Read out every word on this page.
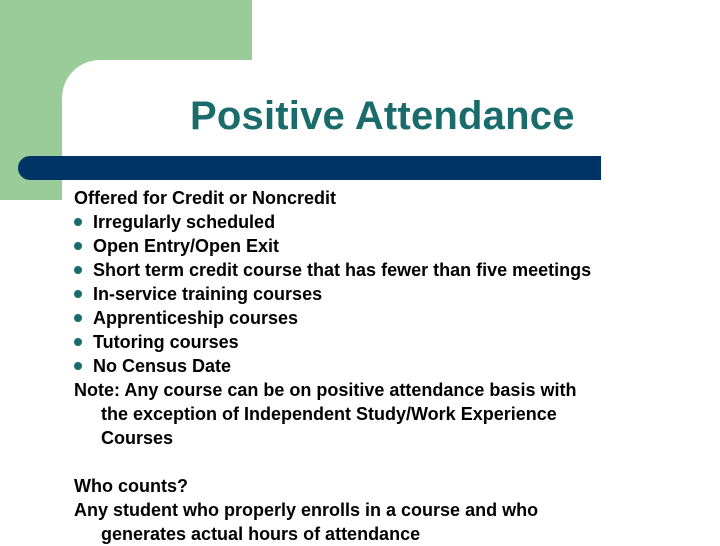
Positive Attendance
Offered for Credit or Noncredit
Irregularly scheduled
Open Entry/Open Exit
Short term credit course that has fewer than five meetings
In-service training courses
Apprenticeship courses
Tutoring courses
No Census Date
Note: Any course can be on positive attendance basis with
the exception of Independent Study/Work Experience
Courses
Who counts?
Any student who properly enrolls in a course and who
generates actual hours of attendance
